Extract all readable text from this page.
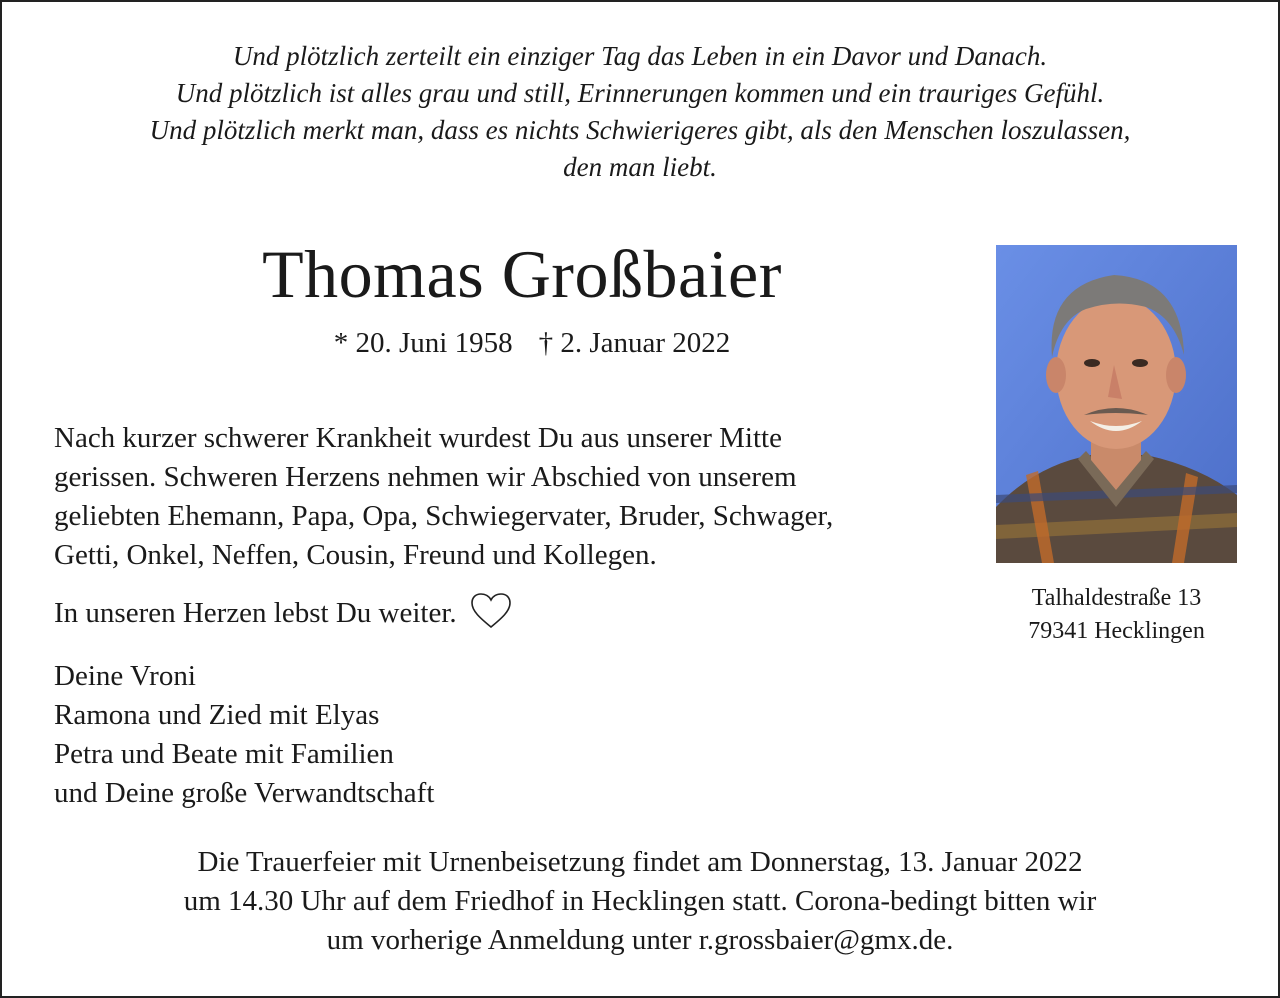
Und plötzlich zerteilt ein einziger Tag das Leben in ein Davor und Danach.
Und plötzlich ist alles grau und still, Erinnerungen kommen und ein trauriges Gefühl.
Und plötzlich merkt man, dass es nichts Schwierigeres gibt, als den Menschen loszulassen,
den man liebt.
Thomas Großbaier
* 20. Juni 1958 † 2. Januar 2022
Talhaldestraße 13
79341 Hecklingen
Nach kurzer schwerer Krankheit wurdest Du aus unserer Mitte
gerissen. Schweren Herzens nehmen wir Abschied von unserem
geliebten Ehemann, Papa, Opa, Schwiegervater, Bruder, Schwager,
Getti, Onkel, Neffen, Cousin, Freund und Kollegen.
In unseren Herzen lebst Du weiter.
Deine Vroni
Ramona und Zied mit Elyas
Petra und Beate mit Familien
und Deine große Verwandtschaft
Die Trauerfeier mit Urnenbeisetzung findet am Donnerstag, 13. Januar 2022
um 14.30 Uhr auf dem Friedhof in Hecklingen statt. Corona-bedingt bitten wir
um vorherige Anmeldung unter r.grossbaier@gmx.de.
